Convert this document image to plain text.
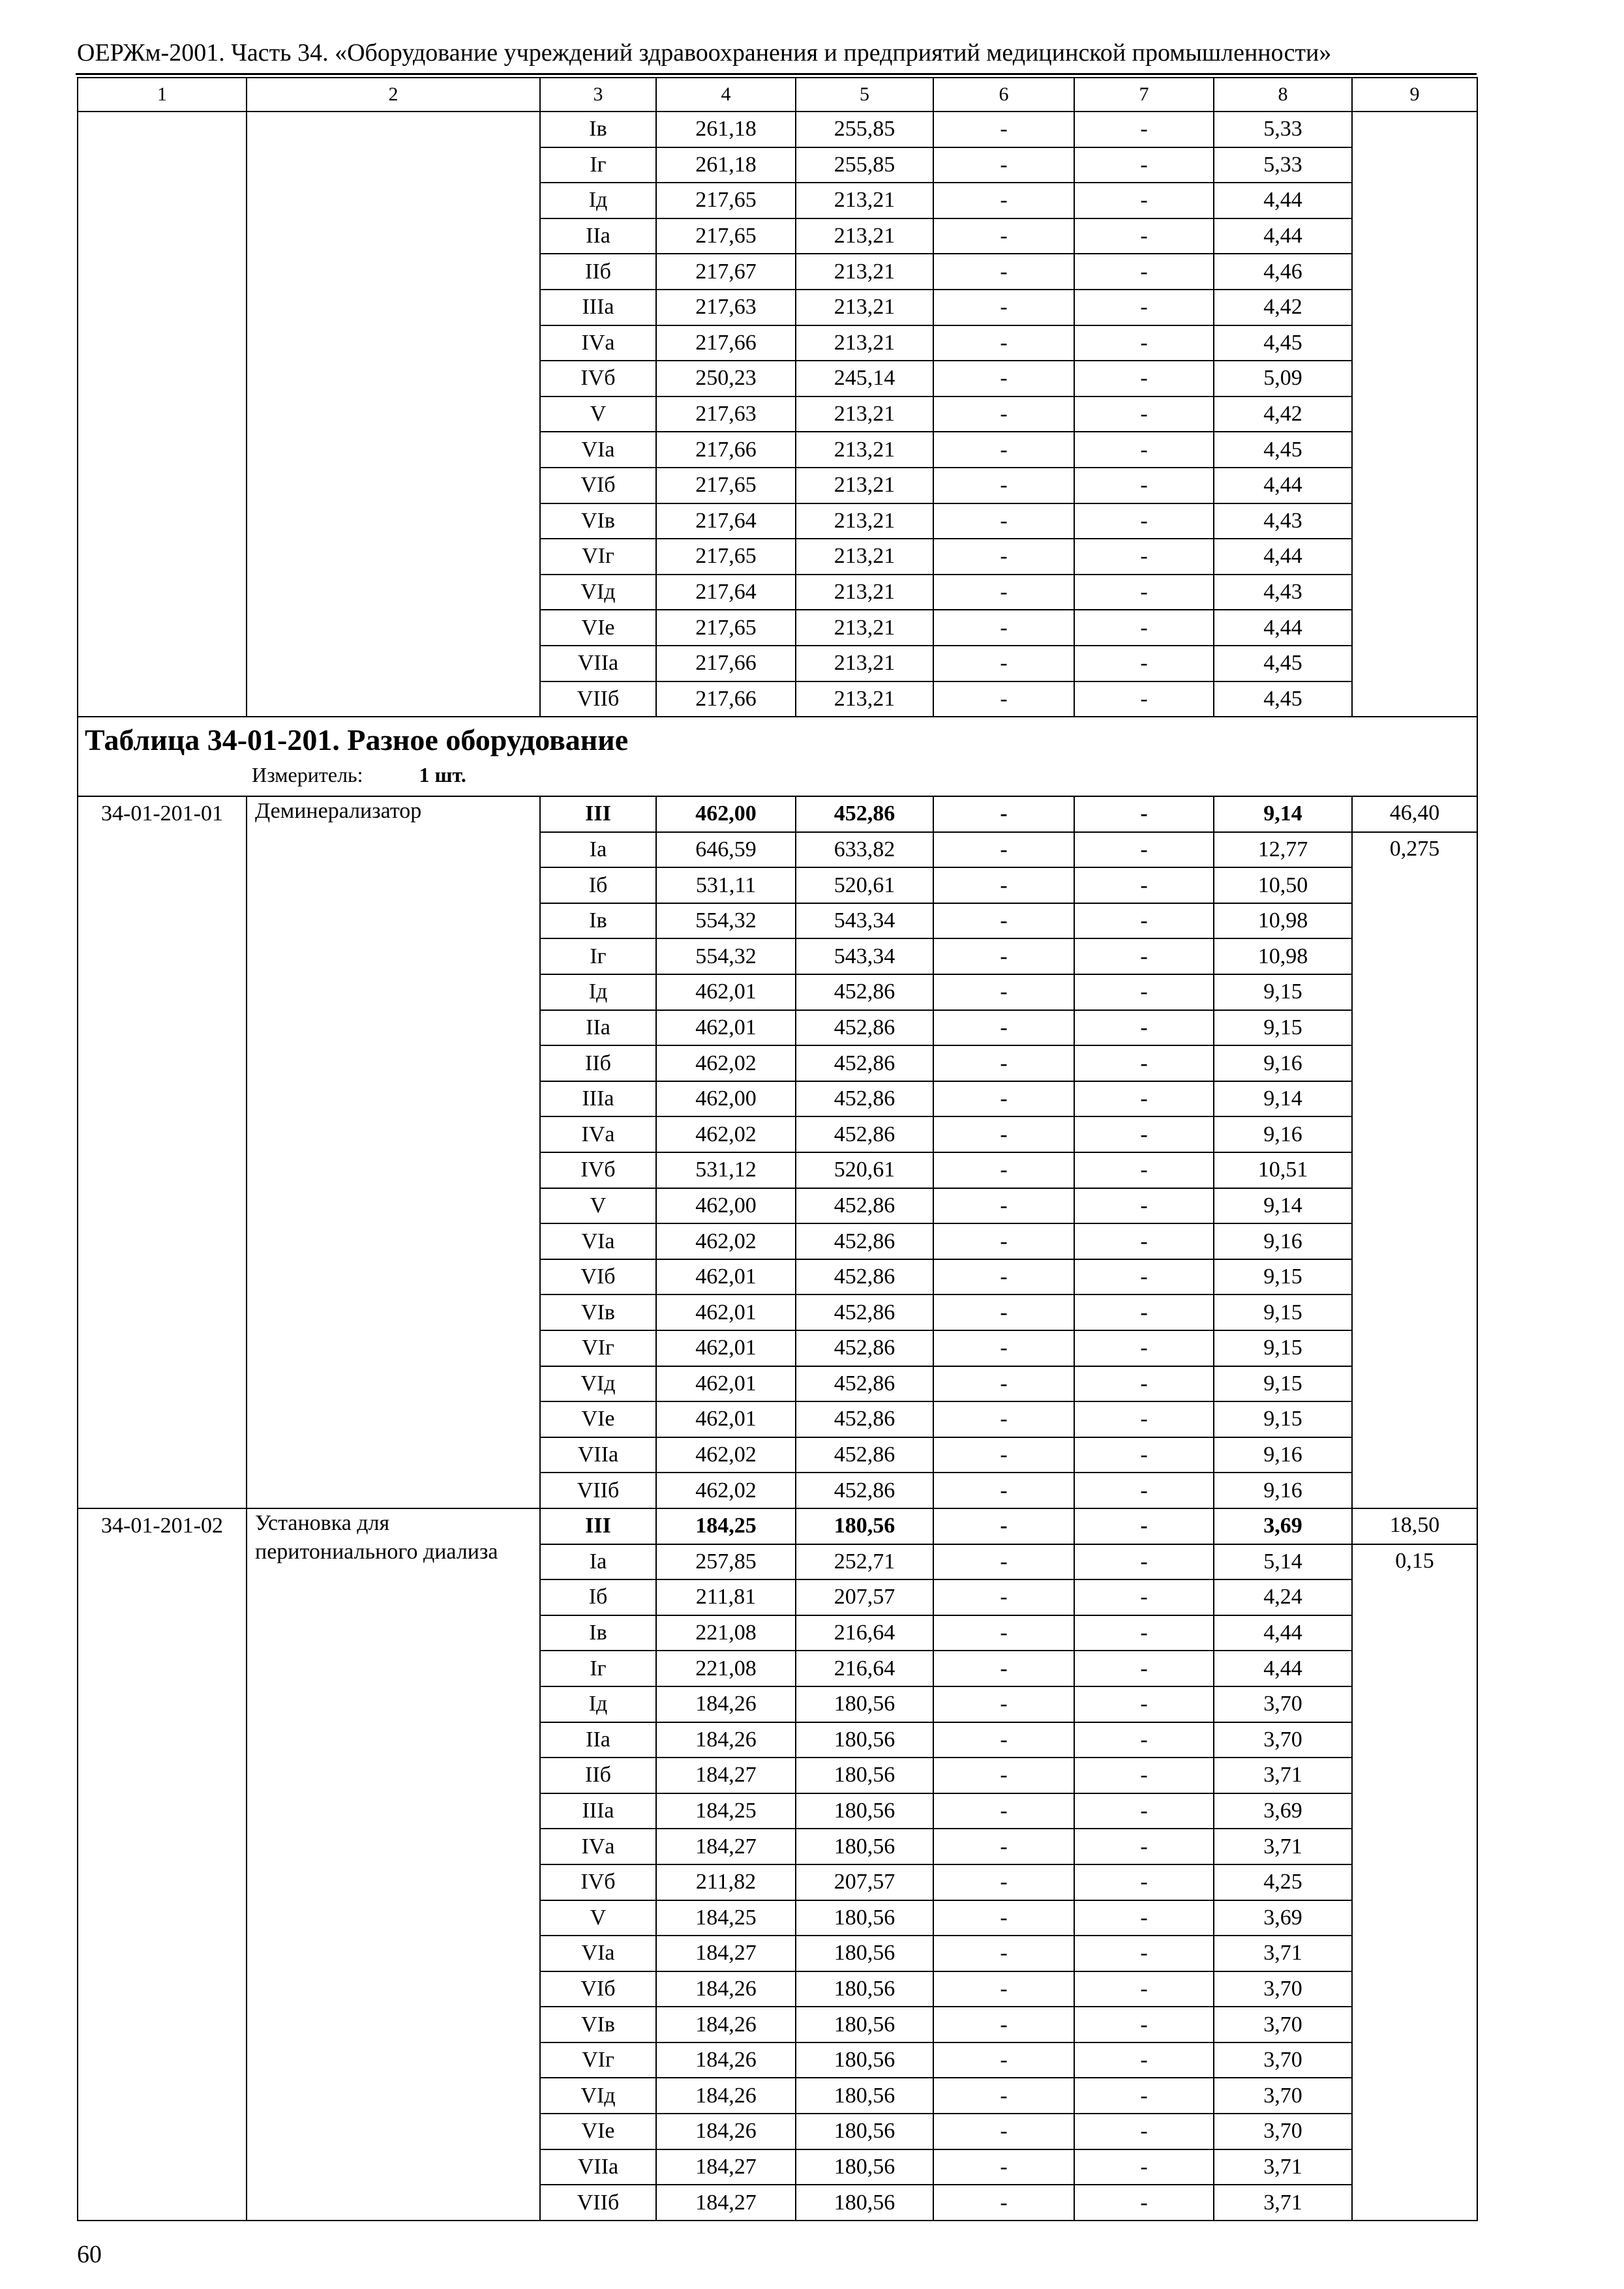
ОЕРЖм-2001. Часть 34. «Оборудование учреждений здравоохранения и предприятий медицинской промышленности»
1	2	3	4	5	6	7	8	9
		Iв	261,18	255,85	-	-	5,33	
		Iг	261,18	255,85	-	-	5,33	
		Iд	217,65	213,21	-	-	4,44	
		IIа	217,65	213,21	-	-	4,44	
		IIб	217,67	213,21	-	-	4,46	
		IIIа	217,63	213,21	-	-	4,42	
		IVа	217,66	213,21	-	-	4,45	
		IVб	250,23	245,14	-	-	5,09	
		V	217,63	213,21	-	-	4,42	
		VIа	217,66	213,21	-	-	4,45	
		VIб	217,65	213,21	-	-	4,44	
		VIв	217,64	213,21	-	-	4,43	
		VIг	217,65	213,21	-	-	4,44	
		VIд	217,64	213,21	-	-	4,43	
		VIе	217,65	213,21	-	-	4,44	
		VIIа	217,66	213,21	-	-	4,45	
		VIIб	217,66	213,21	-	-	4,45	

Таблица 34-01-201. Разное оборудование
Измеритель: 1 шт.								

34-01-201-01	Деминерализатор	III	462,00	452,86	-	-	9,14	46,40
		Iа	646,59	633,82	-	-	12,77	0,275
		Iб	531,11	520,61	-	-	10,50	
		Iв	554,32	543,34	-	-	10,98	
		Iг	554,32	543,34	-	-	10,98	
		Iд	462,01	452,86	-	-	9,15	
		IIа	462,01	452,86	-	-	9,15	
		IIб	462,02	452,86	-	-	9,16	
		IIIа	462,00	452,86	-	-	9,14	
		IVа	462,02	452,86	-	-	9,16	
		IVб	531,12	520,61	-	-	10,51	
		V	462,00	452,86	-	-	9,14	
		VIа	462,02	452,86	-	-	9,16	
		VIб	462,01	452,86	-	-	9,15	
		VIв	462,01	452,86	-	-	9,15	
		VIг	462,01	452,86	-	-	9,15	
		VIд	462,01	452,86	-	-	9,15	
		VIе	462,01	452,86	-	-	9,15	
		VIIа	462,02	452,86	-	-	9,16	
		VIIб	462,02	452,86	-	-	9,16	
34-01-201-02	Установка для перитониального диализа	III	184,25	180,56	-	-	3,69	18,50
		Iа	257,85	252,71	-	-	5,14	0,15
		Iб	211,81	207,57	-	-	4,24	
		Iв	221,08	216,64	-	-	4,44	
		Iг	221,08	216,64	-	-	4,44	
		Iд	184,26	180,56	-	-	3,70	
		IIа	184,26	180,56	-	-	3,70	
		IIб	184,27	180,56	-	-	3,71	
		IIIа	184,25	180,56	-	-	3,69	
		IVа	184,27	180,56	-	-	3,71	
		IVб	211,82	207,57	-	-	4,25	
		V	184,25	180,56	-	-	3,69	
		VIа	184,27	180,56	-	-	3,71	
		VIб	184,26	180,56	-	-	3,70	
		VIв	184,26	180,56	-	-	3,70	
		VIг	184,26	180,56	-	-	3,70	
		VIд	184,26	180,56	-	-	3,70	
		VIе	184,26	180,56	-	-	3,70	
		VIIа	184,27	180,56	-	-	3,71	
		VIIб	184,27	180,56	-	-	3,71	
60
